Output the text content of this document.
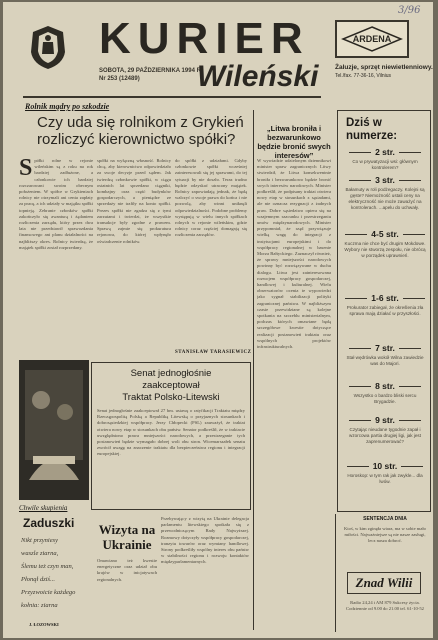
3/96
KURIER
SOBOTA, 29 PAŹDZIERNIKA 1994 R.
Nr 253 (12489) Wileński
ARDENA
Żaluzje, sprzęt niewietlenniowy.
Tel./fax. 77-36-16, Vilnius
Rolnik mądry po szkodzie
Czy uda się rolnikom z Grykień rozliczyć kierownictwo spółki?
Spółki rolne w rejonie wileńskim są z roku na rok bardziej zadłużone, a członkowie ich bardziej rozczarowani swoim obecnym położeniem. W spółce w Grykieniach rolnicy nie otrzymali ani centa zapłaty za pracę, a ich udziały w majątku spółki topnieją. Zebranie członków spółki zakończyło się awanturą i żądaniem rozliczenia zarządu, który przez dwa lata nie przedstawił sprawozdania finansowego ani planu działalności na najbliższy okres. Rolnicy twierdzą, że majątek spółki został rozprzedany.
spółki na wyłączną własność. Rolnicy chcą, aby kierownictwo odpowiedziało za swoje decyzje przed sądem. Jak twierdzą członkowie spółki, w ciągu ostatnich lat sprzedano ciągniki, kombajny oraz część budynków gospodarczych, a pieniądze ze sprzedaży nie trafiły na konto spółki. Prezes spółki nie zgadza się z tymi zarzutami i twierdzi, że wszystkie transakcje były zgodne z prawem. Sprawą zajmie się prokuratura rejonowa, do której wpłynęło oświadczenie rolników.
do spółki z udziałami. Gdyby członkowie spółki wcześniej zainteresowali się jej sprawami, do tej sytuacji by nie doszło. Teraz trudno będzie odzyskać utracony majątek. Rolnicy zapowiadają jednak, że będą walczyć o swoje prawa do końca i nie pozwolą, aby winni uniknęli odpowiedzialności. Podobne problemy występują w wielu innych spółkach rolnych w rejonie wileńskim, gdzie rolnicy coraz częściej domagają się rozliczenia zarządów.
STANISŁAW TARASIEWICZ
„Litwa broniła i bezwarunkowo będzie bronić swych interesów”
W wywiadzie udzielonym dziennikowi minister spraw zagranicznych Litwy stwierdził, że Litwa konsekwentnie broniła i bezwarunkowo będzie bronić swych interesów narodowych. Minister podkreślił, że podpisany traktat otwiera nowy etap w stosunkach z sąsiadami, ale nie oznacza rezygnacji z żadnych praw. Dobre sąsiedztwo opiera się na wzajemnym szacunku i przestrzeganiu umów międzynarodowych. Minister przypomniał, że rząd przywiązuje wielką wagę do integracji z instytucjami europejskimi i do współpracy regionalnej w basenie Morza Bałtyckiego. Zaznaczył również, że sprawy mniejszości narodowych powinny być rozwiązywane w duchu dialogu. Litwa jest zainteresowana rozwojem współpracy gospodarczej, handlowej i kulturalnej. Wielu obserwatorów ocenia te wypowiedzi jako sygnał stabilizacji polityki zagranicznej państwa. W najbliższym czasie przewidziane są kolejne spotkania na szczeblu ministerialnym, podczas których omawiane będą szczegółowe kwestie dotyczące realizacji postanowień traktatu oraz wspólnych projektów infrastrukturalnych.
Dziś w numerze:
2 str.
Co w prywatyzacji wsi: głównym kontrolerem?
3 str.
Bałamuty w roli podżegaczy. Kolejni są gęste? Niemożność ustali ceny na elektryczność nie może zaważyć na kontrolerach. ...apelu do uchwały.
4-5 str.
Kuczma nie chce być drugim Mokdowe. Wybory nie stworzą zespołu, nie obrócą w porządek uprawnień.
1-6 str.
Prokurator zabiegał, że określenia zła sprawa mają działać w przyszłości.
7 str.
Stał wędrówka wokół Wilna zawiedzie was do Majori.
8 str.
Wszystko o bardzo bliski sercu Brygadzie.
9 str.
Czytając nieudane tygodnie zapał i wzorcowa partia drugiej ligi, jak jest zaprenumerować?
10 str.
Horoskop: w tym rak jak zwykle... dla lwów.
Chwile skupienia
Senat jednogłośnie
zaakceptował
Traktat Polsko-Litewski
Senat jednogłośnie zaakceptował 27 bm. ustawę o ratyfikacji Traktatu między Rzecząpospolitą Polską a Republiką Litewską o przyjaznych stosunkach i dobrosąsiedzkiej współpracy. Jerzy Chłopecki (PSL) zauważył, że traktat otwiera nowy etap w stosunkach obu państw. Senator podkreślił, że w traktacie uwzględniono prawa mniejszości narodowych, a przestrzeganie tych postanowień będzie wymagało dobrej woli obu stron. Wicemarszałek senatu zwrócił uwagę na znaczenie traktatu dla bezpieczeństwa regionu i integracji europejskiej.
Zaduszki
Nikt przyniesy
waszle ziarna,
Ślemu też czyn man,
Płonął dziś...
Przyzwoicie każdego
kołnia: ziarna
J. ŁOZOWSKI
Wizyta na Ukrainie
Omawiano też kwestie energetyczne oraz udział obu krajów w inicjatywach regionalnych.
Przebywający z wizytą na Ukrainie delegacja parlamentu litewskiego spotkała się z przewodniczącym Rady Najwyższej. Rozmowy dotyczyły współpracy gospodarczej, tranzytu towarów oraz wymiany handlowej. Strony podkreśliły wspólny interes obu państw w stabilności regionu i rozwoju kontaktów międzyparlamentarnych.
SENTENCJA DNIA
Ktoś, w kim zginęła wiara, ma w sobie mało miłości. Najważniejsze są nie nasze zasługi, lecz nasza dobroć.
Znad Wilii
Radio 24,24 i AM 879 Sukcesy życia. Codziennie od 9.00 do 21.00 tel. 61-10-52
